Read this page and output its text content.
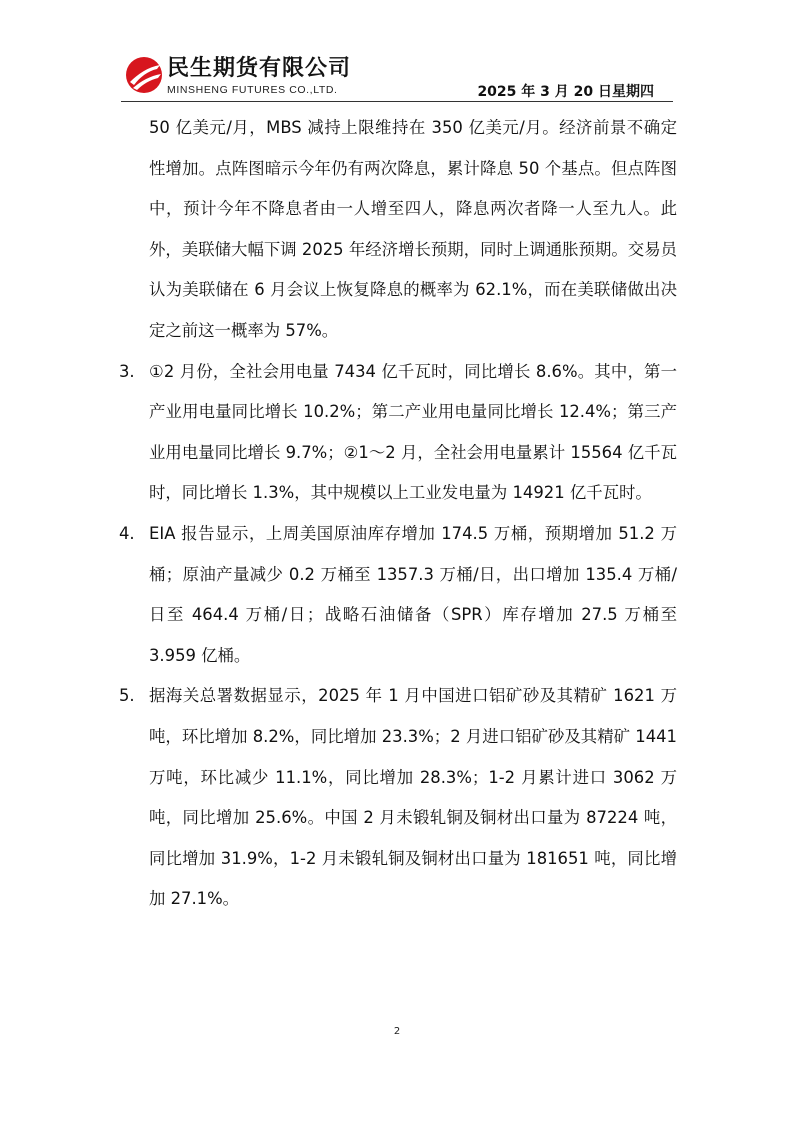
民生期货有限公司
MINSHENG FUTURES CO.,LTD.	2025 年 3 月 20 日星期四

50 亿美元/月，MBS 减持上限维持在 350 亿美元/月。经济前景不确定性增加。点阵图暗示今年仍有两次降息，累计降息 50 个基点。但点阵图中，预计今年不降息者由一人增至四人，降息两次者降一人至九人。此外，美联储大幅下调 2025 年经济增长预期，同时上调通胀预期。交易员认为美联储在 6 月会议上恢复降息的概率为 62.1%，而在美联储做出决定之前这一概率为 57%。

3. ①2 月份，全社会用电量 7434 亿千瓦时，同比增长 8.6%。其中，第一产业用电量同比增长 10.2%；第二产业用电量同比增长 12.4%；第三产业用电量同比增长 9.7%；②1～2 月，全社会用电量累计 15564 亿千瓦时，同比增长 1.3%，其中规模以上工业发电量为 14921 亿千瓦时。
4. EIA 报告显示，上周美国原油库存增加 174.5 万桶，预期增加 51.2 万桶；原油产量减少 0.2 万桶至 1357.3 万桶/日，出口增加 135.4 万桶/日至 464.4 万桶/日；战略石油储备（SPR）库存增加 27.5 万桶至 3.959 亿桶。
5. 据海关总署数据显示，2025 年 1 月中国进口铝矿砂及其精矿 1621 万吨，环比增加 8.2%，同比增加 23.3%；2 月进口铝矿砂及其精矿 1441 万吨，环比减少 11.1%，同比增加 28.3%；1-2 月累计进口 3062 万吨，同比增加 25.6%。中国 2 月未锻轧铜及铜材出口量为 87224 吨，同比增加 31.9%，1-2 月未锻轧铜及铜材出口量为 181651 吨，同比增加 27.1%。
2
